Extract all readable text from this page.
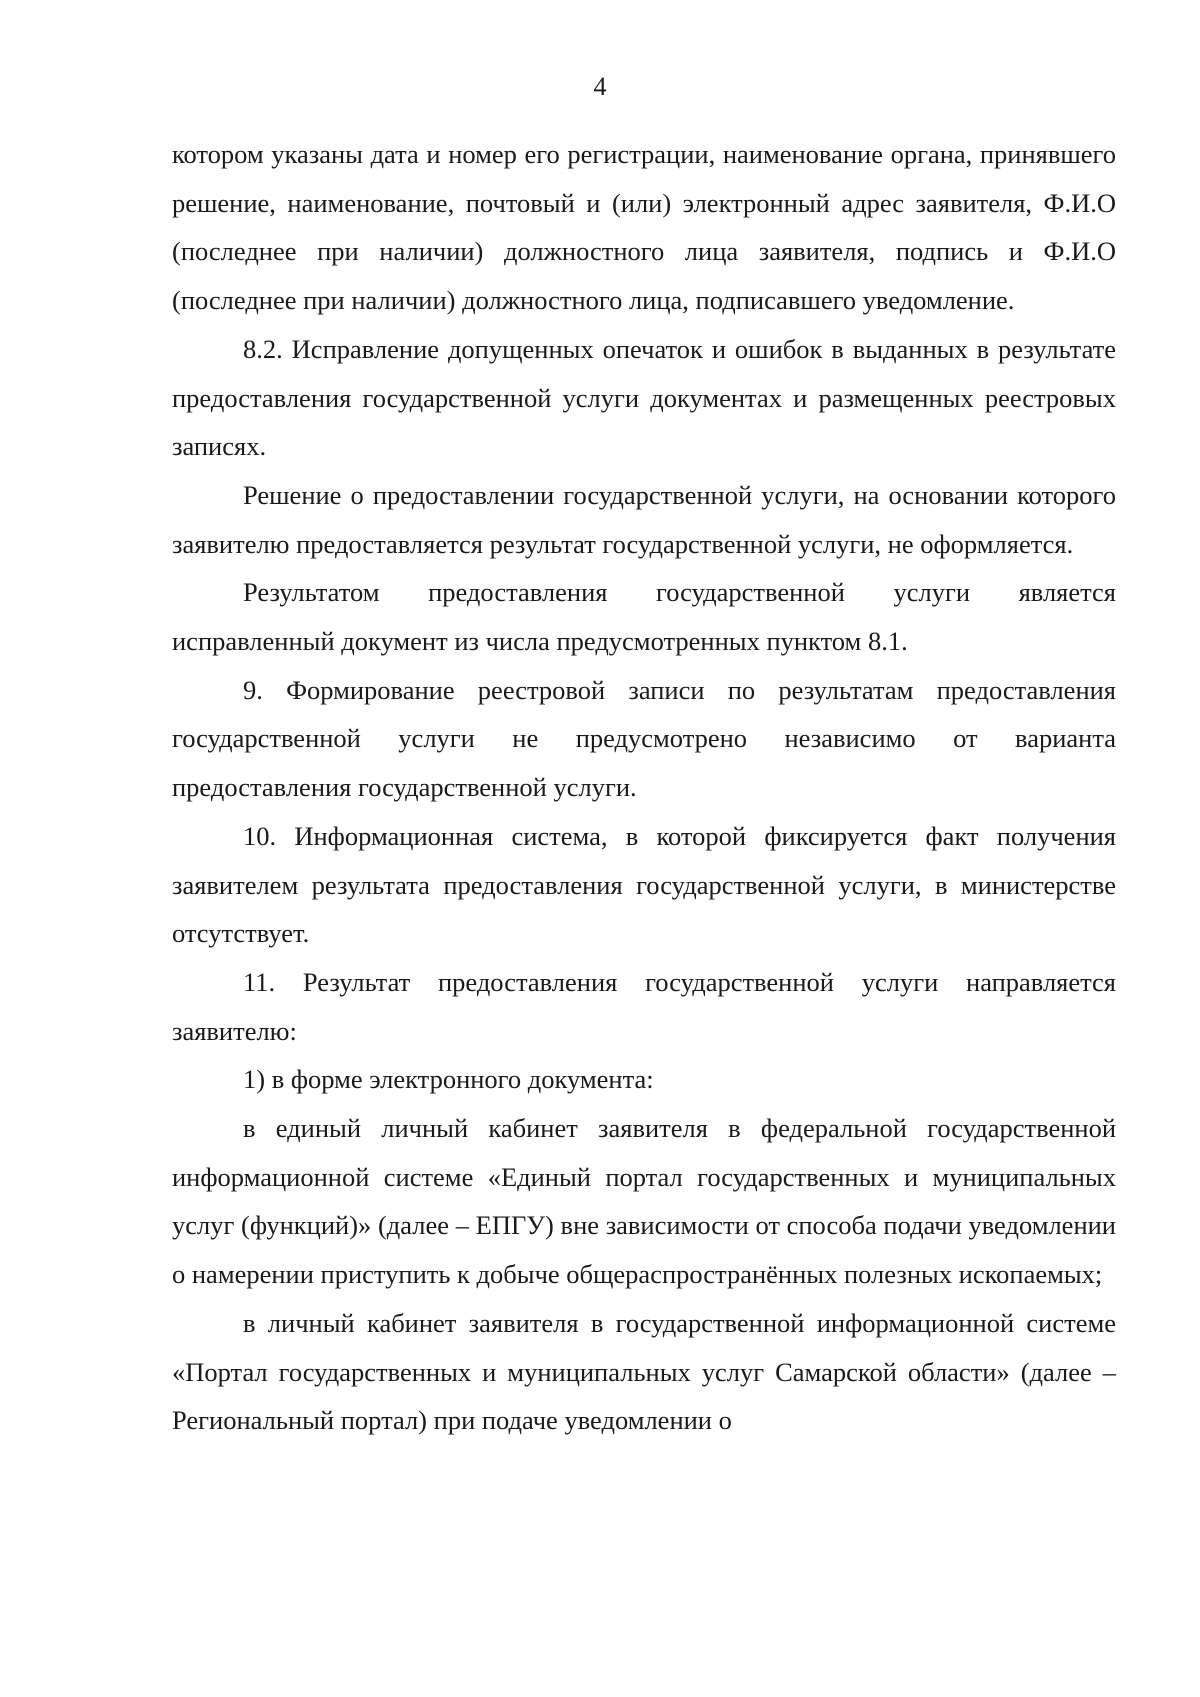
4

котором указаны дата и номер его регистрации, наименование органа, принявшего решение, наименование, почтовый и (или) электронный адрес заявителя, Ф.И.О (последнее при наличии) должностного лица заявителя, подпись и Ф.И.О (последнее при наличии) должностного лица, подписавшего уведомление.

8.2. Исправление допущенных опечаток и ошибок в выданных в результате предоставления государственной услуги документах и размещенных реестровых записях.

Решение о предоставлении государственной услуги, на основании которого заявителю предоставляется результат государственной услуги, не оформляется.

Результатом предоставления государственной услуги является исправленный документ из числа предусмотренных пунктом 8.1.

9. Формирование реестровой записи по результатам предоставления государственной услуги не предусмотрено независимо от варианта предоставления государственной услуги.

10. Информационная система, в которой фиксируется факт получения заявителем результата предоставления государственной услуги, в министерстве отсутствует.

11. Результат предоставления государственной услуги направляется заявителю:

1) в форме электронного документа:

в единый личный кабинет заявителя в федеральной государственной информационной системе «Единый портал государственных и муниципальных услуг (функций)» (далее – ЕПГУ) вне зависимости от способа подачи уведомлении о намерении приступить к добыче общераспространённых полезных ископаемых;

в личный кабинет заявителя в государственной информационной системе «Портал государственных и муниципальных услуг Самарской области» (далее – Региональный портал) при подаче уведомлении о
